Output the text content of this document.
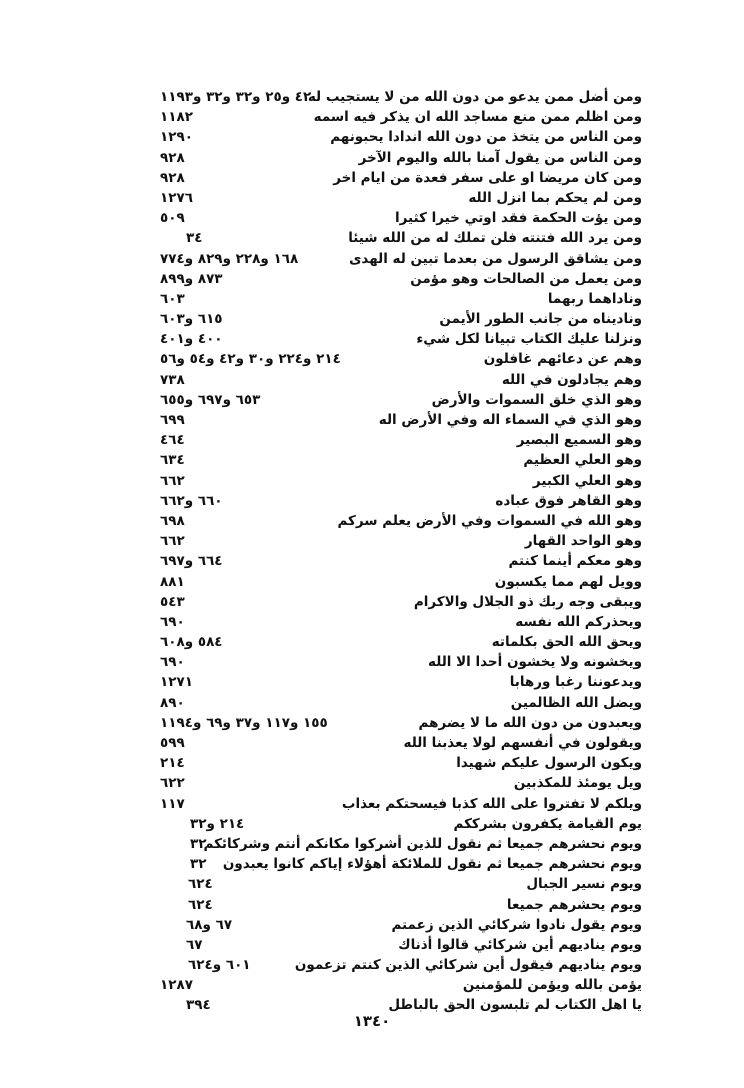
ومن أضل ممن يدعو من دون الله من لا يستجيب له
٤٢ و٢٥ و٣٢ و٣٢ و١١٩٣
ومن اظلم ممن منع مساجد الله ان يذكر فيه اسمه
١١٨٢
ومن الناس من يتخذ من دون الله اندادا يحبونهم
١٢٩٠
ومن الناس من يقول آمنا بالله واليوم الآخر
٩٢٨
ومن كان مريضا او على سفر فعدة من ايام اخر
٩٢٨
ومن لم يحكم بما انزل الله
١٢٧٦
ومن يؤت الحكمة فقد اوتي خيرا كثيرا
٥٠٩
ومن يرد الله فتنته فلن تملك له من الله شيئا
٣٤
ومن يشاقق الرسول من بعدما تبين له الهدى
١٦٨ و٢٢٨ و٨٢٩ و٧٧٤
ومن يعمل من الصالحات وهو مؤمن
٨٧٣ و٨٩٩
وناداهما ربهما
٦٠٣
وناديناه من جانب الطور الأيمن
٦١٥ و٦٠٣
ونزلنا عليك الكتاب تبيانا لكل شيء
٤٠٠ و٤٠١
وهم عن دعائهم غافلون
٢١٤ و٢٢٤ و٣٠ و٤٢ و٥٤ و٥٦
وهم يجادلون في الله
٧٣٨
وهو الذي خلق السموات والأرض
٦٥٣ و٦٩٧ و٦٥٥
وهو الذي في السماء اله وفي الأرض اله
٦٩٩
وهو السميع البصير
٤٦٤
وهو العلي العظيم
٦٣٤
وهو العلي الكبير
٦٦٢
وهو القاهر فوق عباده
٦٦٠ و٦٦٢
وهو الله في السموات وفي الأرض يعلم سركم
٦٩٨
وهو الواحد القهار
٦٦٢
وهو معكم أينما كنتم
٦٦٤ و٦٩٧
وويل لهم مما يكسبون
٨٨١
ويبقى وجه ربك ذو الجلال والاكرام
٥٤٣
ويحذركم الله نفسه
٦٩٠
ويحق الله الحق بكلماته
٥٨٤ و٦٠٨
ويخشونه ولا يخشون أحدا الا الله
٦٩٠
ويدعوننا رغبا ورهابا
١٢٧١
ويضل الله الظالمين
٨٩٠
ويعبدون من دون الله ما لا يضرهم
١٥٥ و١١٧ و٣٧ و٦٩ و١١٩٤
ويقولون في أنفسهم لولا يعذبنا الله
٥٩٩
ويكون الرسول عليكم شهيدا
٢١٤
ويل يومئذ للمكذبين
٦٢٢
ويلكم لا تفتروا على الله كذبا فيسحتكم بعذاب
١١٧
يوم القيامة يكفرون بشرككم
٢١٤ و٣٢
ويوم نحشرهم جميعا ثم نقول للذين أشركوا مكانكم أنتم وشركائكم
٣٢
ويوم نحشرهم جميعا ثم نقول للملائكة أهؤلاء إياكم كانوا يعبدون
٣٢
ويوم نسير الجبال
٦٢٤
ويوم يحشرهم جميعا
٦٢٤
ويوم يقول نادوا شركائي الذين زعمتم
٦٧ و٦٨
ويوم يناديهم أين شركائي قالوا أذناك
٦٧
ويوم يناديهم فيقول أين شركائي الذين كنتم تزعمون
٦٠١ و٦٢٤
يؤمن بالله ويؤمن للمؤمنين
١٢٨٧
يا اهل الكتاب لم تلبسون الحق بالباطل
٣٩٤
١٣٤٠
